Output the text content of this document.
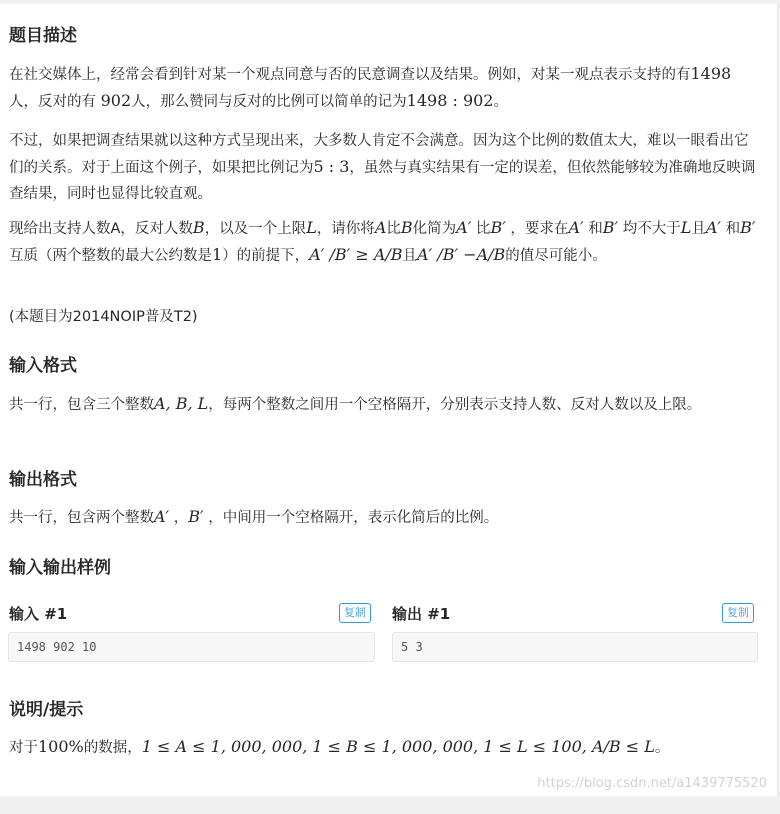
题目描述

在社交媒体上，经常会看到针对某一个观点同意与否的民意调查以及结果。例如，对某一观点表示支持的有1498 人，反对的有 902人，那么赞同与反对的比例可以简单的记为1498 : 902。

不过，如果把调查结果就以这种方式呈现出来，大多数人肯定不会满意。因为这个比例的数值太大，难以一眼看出它们的关系。对于上面这个例子，如果把比例记为5 : 3，虽然与真实结果有一定的误差，但依然能够较为准确地反映调查结果，同时也显得比较直观。

现给出支持人数A，反对人数B，以及一个上限L，请你将A比B化简为A′ 比B′ ，要求在A′ 和B′ 均不大于L且A′ 和B′ 互质（两个整数的最大公约数是1）的前提下，A′ /B′ ≥ A/B且A′ /B′ −A/B的值尽可能小。

(本题目为2014NOIP普及T2)

输入格式

共一行，包含三个整数A, B, L，每两个整数之间用一个空格隔开，分别表示支持人数、反对人数以及上限。

输出格式

共一行，包含两个整数A′ ，B′ ，中间用一个空格隔开，表示化简后的比例。

输入输出样例
输入 #1	复制
1498 902 10
输出 #1	复制
5 3
说明/提示

对于100%的数据，1 ≤ A ≤ 1, 000, 000, 1 ≤ B ≤ 1, 000, 000, 1 ≤ L ≤ 100, A/B ≤ L。

https://blog.csdn.net/a1439775520
